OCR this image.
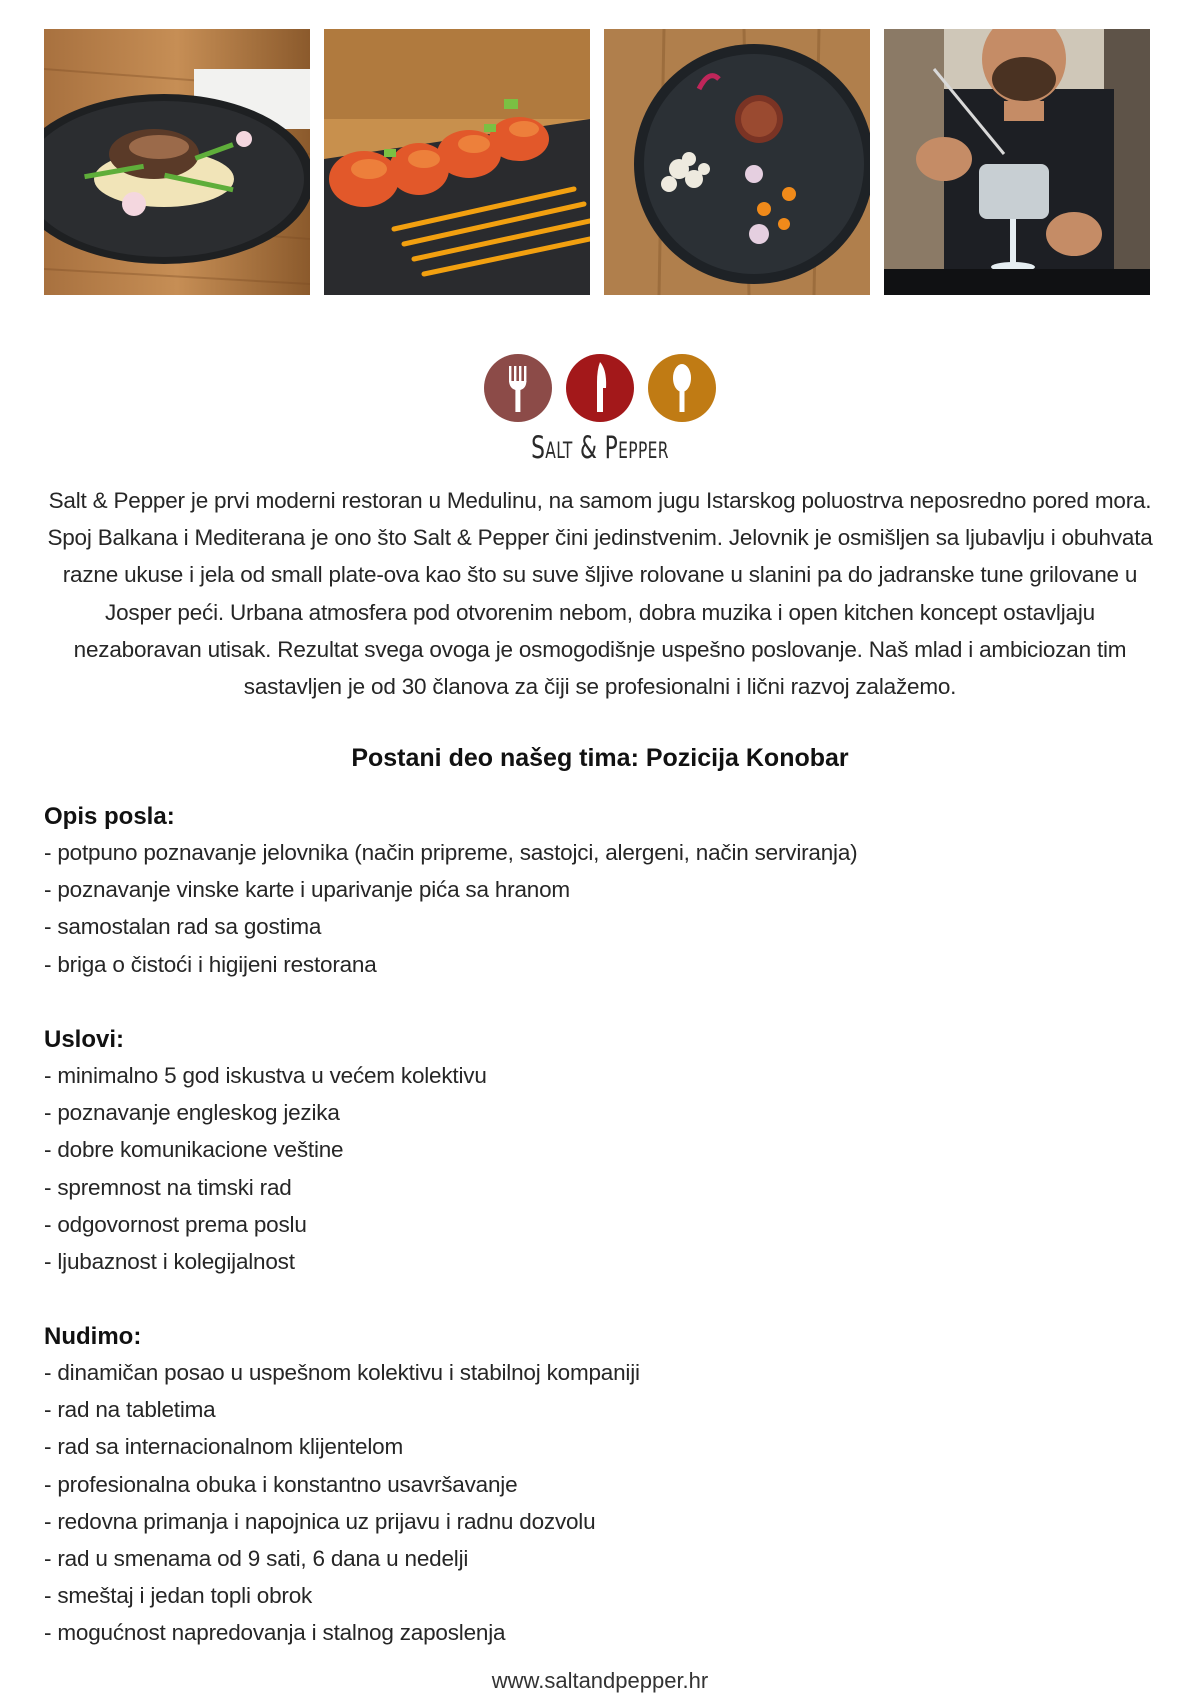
Salt & Pepper
Salt & Pepper je prvi moderni restoran u Medulinu, na samom jugu Istarskog poluostrva neposredno pored mora. Spoj Balkana i Mediterana je ono što Salt & Pepper čini jedinstvenim. Jelovnik je osmišljen sa ljubavlju i obuhvata razne ukuse i jela od small plate-ova kao što su suve šljive rolovane u slanini pa do jadranske tune grilovane u Josper peći. Urbana atmosfera pod otvorenim nebom, dobra muzika i open kitchen koncept ostavljaju nezaboravan utisak. Rezultat svega ovoga je osmogodišnje uspešno poslovanje. Naš mlad i ambiciozan tim sastavljen je od 30 članova za čiji se profesionalni i lični razvoj zalažemo.
Postani deo našeg tima: Pozicija Konobar
Opis posla:
- potpuno poznavanje jelovnika (način pripreme, sastojci, alergeni, način serviranja)
- poznavanje vinske karte i uparivanje pića sa hranom
- samostalan rad sa gostima
- briga o čistoći i higijeni restorana
Uslovi:
- minimalno 5 god iskustva u većem kolektivu
- poznavanje engleskog jezika
- dobre komunikacione veštine
- spremnost na timski rad
- odgovornost prema poslu
- ljubaznost i kolegijalnost
Nudimo:
- dinamičan posao u uspešnom kolektivu i stabilnoj kompaniji
- rad na tabletima
- rad sa internacionalnom klijentelom
- profesionalna obuka i konstantno usavršavanje
- redovna primanja i napojnica uz prijavu i radnu dozvolu
- rad u smenama od 9 sati, 6 dana u nedelji
- smeštaj i jedan topli obrok
- mogućnost napredovanja i stalnog zaposlenja
www.saltandpepper.hr
